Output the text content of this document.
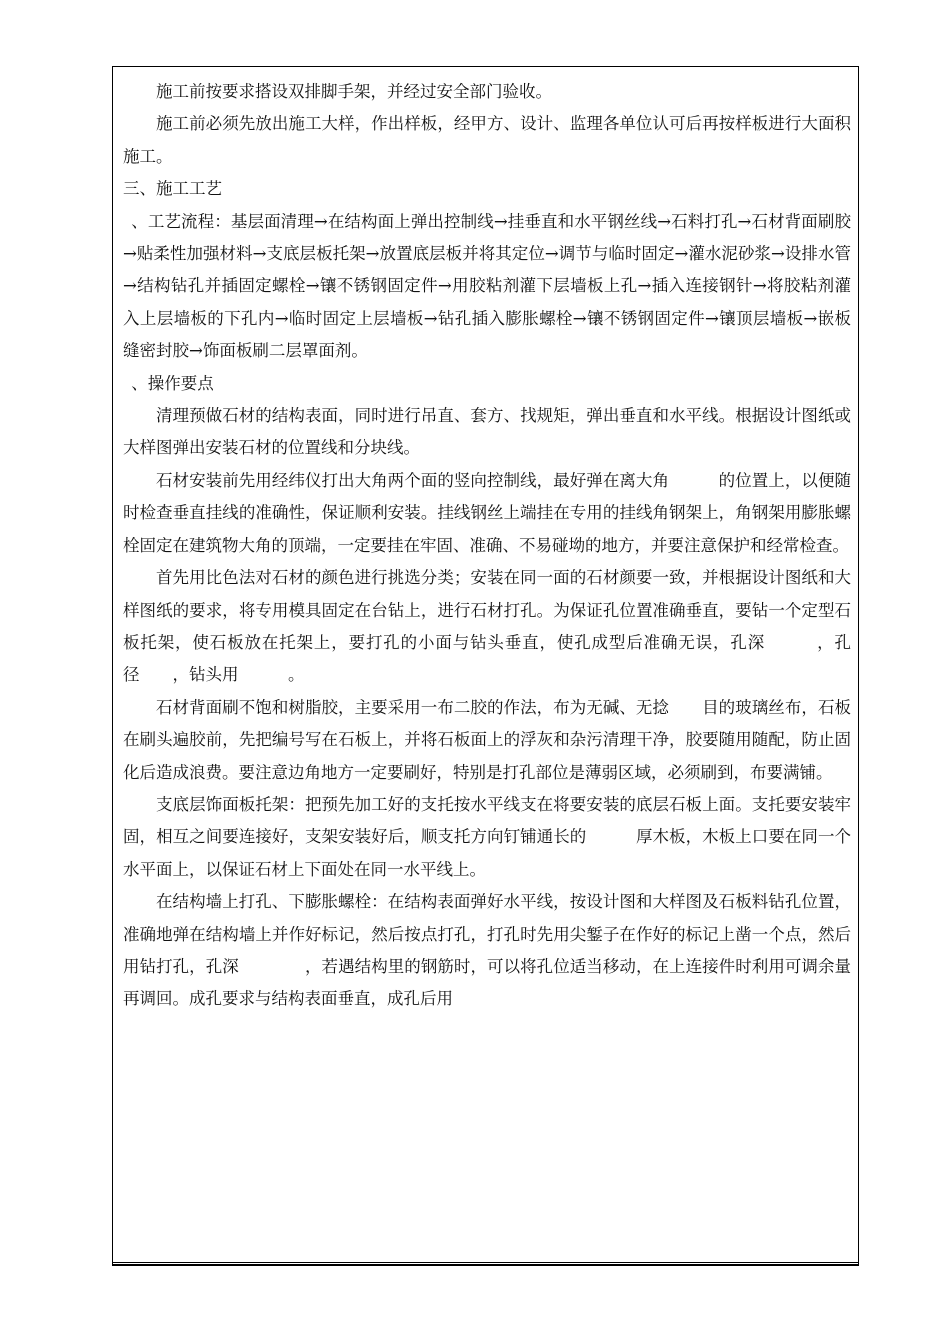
施工前按要求搭设双排脚手架，并经过安全部门验收。

施工前必须先放出施工大样，作出样板，经甲方、设计、监理各单位认可后再按样板进行大面积施工。

三、施工工艺

、工艺流程：基层面清理→在结构面上弹出控制线→挂垂直和水平钢丝线→石料打孔→石材背面刷胶→贴柔性加强材料→支底层板托架→放置底层板并将其定位→调节与临时固定→灌水泥砂浆→设排水管→结构钻孔并插固定螺栓→镶不锈钢固定件→用胶粘剂灌下层墙板上孔→插入连接钢针→将胶粘剂灌入上层墙板的下孔内→临时固定上层墙板→钻孔插入膨胀螺栓→镶不锈钢固定件→镶顶层墙板→嵌板缝密封胶→饰面板刷二层罩面剂。

、操作要点

清理预做石材的结构表面，同时进行吊直、套方、找规矩，弹出垂直和水平线。根据设计图纸或大样图弹出安装石材的位置线和分块线。

石材安装前先用经纬仪打出大角两个面的竖向控制线，最好弹在离大角　　　的位置上，以便随时检查垂直挂线的准确性，保证顺利安装。挂线钢丝上端挂在专用的挂线角钢架上，角钢架用膨胀螺栓固定在建筑物大角的顶端，一定要挂在牢固、准确、不易碰坳的地方，并要注意保护和经常检查。

首先用比色法对石材的颜色进行挑选分类；安装在同一面的石材颜要一致，并根据设计图纸和大样图纸的要求，将专用模具固定在台钻上，进行石材打孔。为保证孔位置准确垂直，要钻一个定型石板托架，使石板放在托架上，要打孔的小面与钻头垂直，使孔成型后准确无误，孔深　　　，孔径　　，钻头用　　　。

石材背面刷不饱和树脂胶，主要采用一布二胶的作法，布为无碱、无捻　　目的玻璃丝布，石板在刷头遍胶前，先把编号写在石板上，并将石板面上的浮灰和杂污清理干净，胶要随用随配，防止固化后造成浪费。要注意边角地方一定要刷好，特别是打孔部位是薄弱区域，必须刷到，布要满铺。

支底层饰面板托架：把预先加工好的支托按水平线支在将要安装的底层石板上面。支托要安装牢固，相互之间要连接好，支架安装好后，顺支托方向钉铺通长的　　　厚木板，木板上口要在同一个水平面上，以保证石材上下面处在同一水平线上。

在结构墙上打孔、下膨胀螺栓：在结构表面弹好水平线，按设计图和大样图及石板料钻孔位置，准确地弹在结构墙上并作好标记，然后按点打孔，打孔时先用尖錾子在作好的标记上凿一个点，然后用钻打孔，孔深　　　　，若遇结构里的钢筋时，可以将孔位适当移动，在上连接件时利用可调余量再调回。成孔要求与结构表面垂直，成孔后用
